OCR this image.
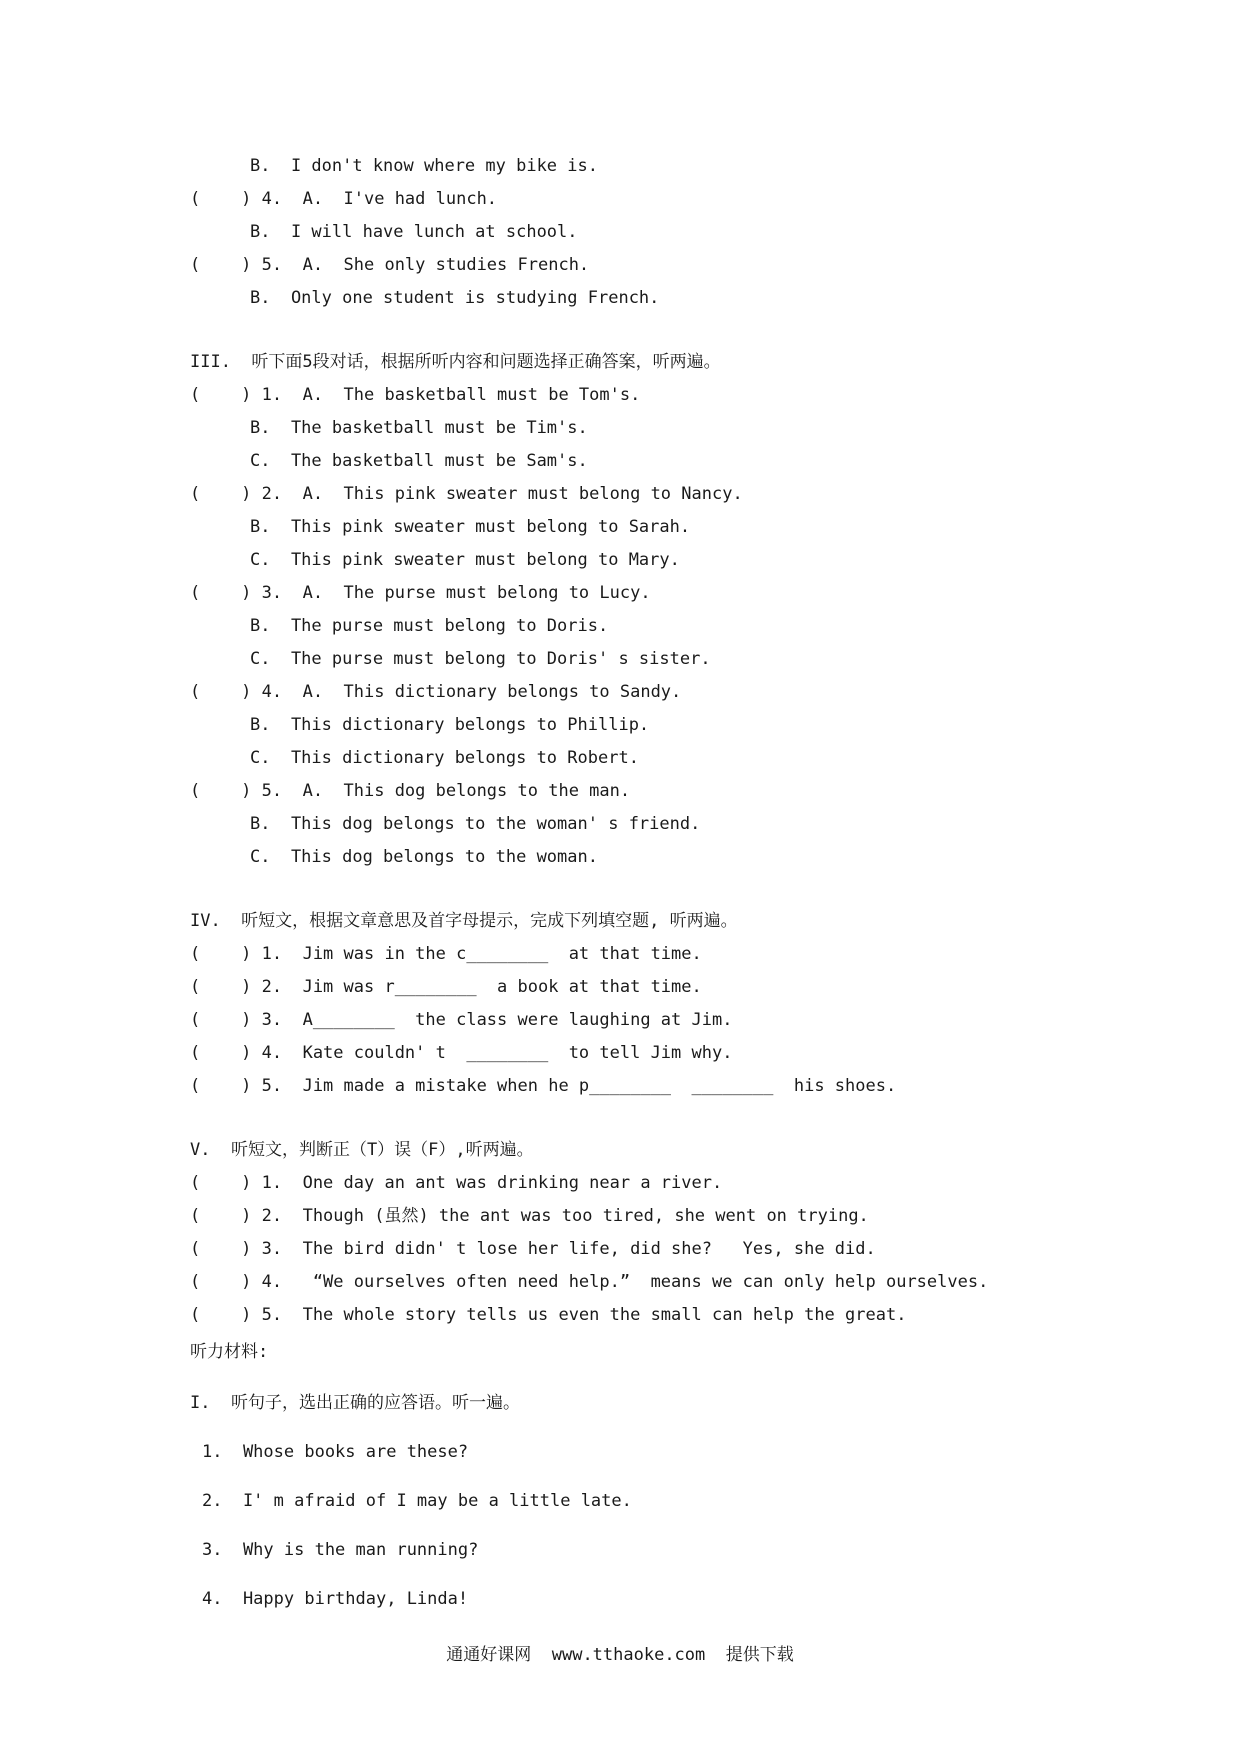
B.  I don't know where my bike is.
(    ) 4.  A.  I've had lunch.
B.  I will have lunch at school.
(    ) 5.  A.  She only studies French.
B.  Only one student is studying French.
III.  听下面5段对话，根据所听内容和问题选择正确答案，听两遍。
(    ) 1.  A.  The basketball must be Tom's.
B.  The basketball must be Tim's.
C.  The basketball must be Sam's.
(    ) 2.  A.  This pink sweater must belong to Nancy.
B.  This pink sweater must belong to Sarah.
C.  This pink sweater must belong to Mary.
(    ) 3.  A.  The purse must belong to Lucy.
B.  The purse must belong to Doris.
C.  The purse must belong to Doris' s sister.
(    ) 4.  A.  This dictionary belongs to Sandy.
B.  This dictionary belongs to Phillip.
C.  This dictionary belongs to Robert.
(    ) 5.  A.  This dog belongs to the man.
B.  This dog belongs to the woman' s friend.
C.  This dog belongs to the woman.
IV.  听短文，根据文章意思及首字母提示，完成下列填空题, 听两遍。
(    ) 1.  Jim was in the c________  at that time.
(    ) 2.  Jim was r________  a book at that time.
(    ) 3.  A________  the class were laughing at Jim.
(    ) 4.  Kate couldn' t  ________  to tell Jim why.
(    ) 5.  Jim made a mistake when he p________  ________  his shoes.
V.  听短文，判断正（T）误（F）,听两遍。
(    ) 1.  One day an ant was drinking near a river.
(    ) 2.  Though (虽然) the ant was too tired, she went on trying.
(    ) 3.  The bird didn' t lose her life, did she?   Yes, she did.
(    ) 4.   “We ourselves often need help.”  means we can only help ourselves.
(    ) 5.  The whole story tells us even the small can help the great.
听力材料:
I.  听句子，选出正确的应答语。听一遍。
1.  Whose books are these?
2.  I' m afraid of I may be a little late.
3.  Why is the man running?
4.  Happy birthday, Linda!
通通好课网  www.tthaoke.com  提供下载
